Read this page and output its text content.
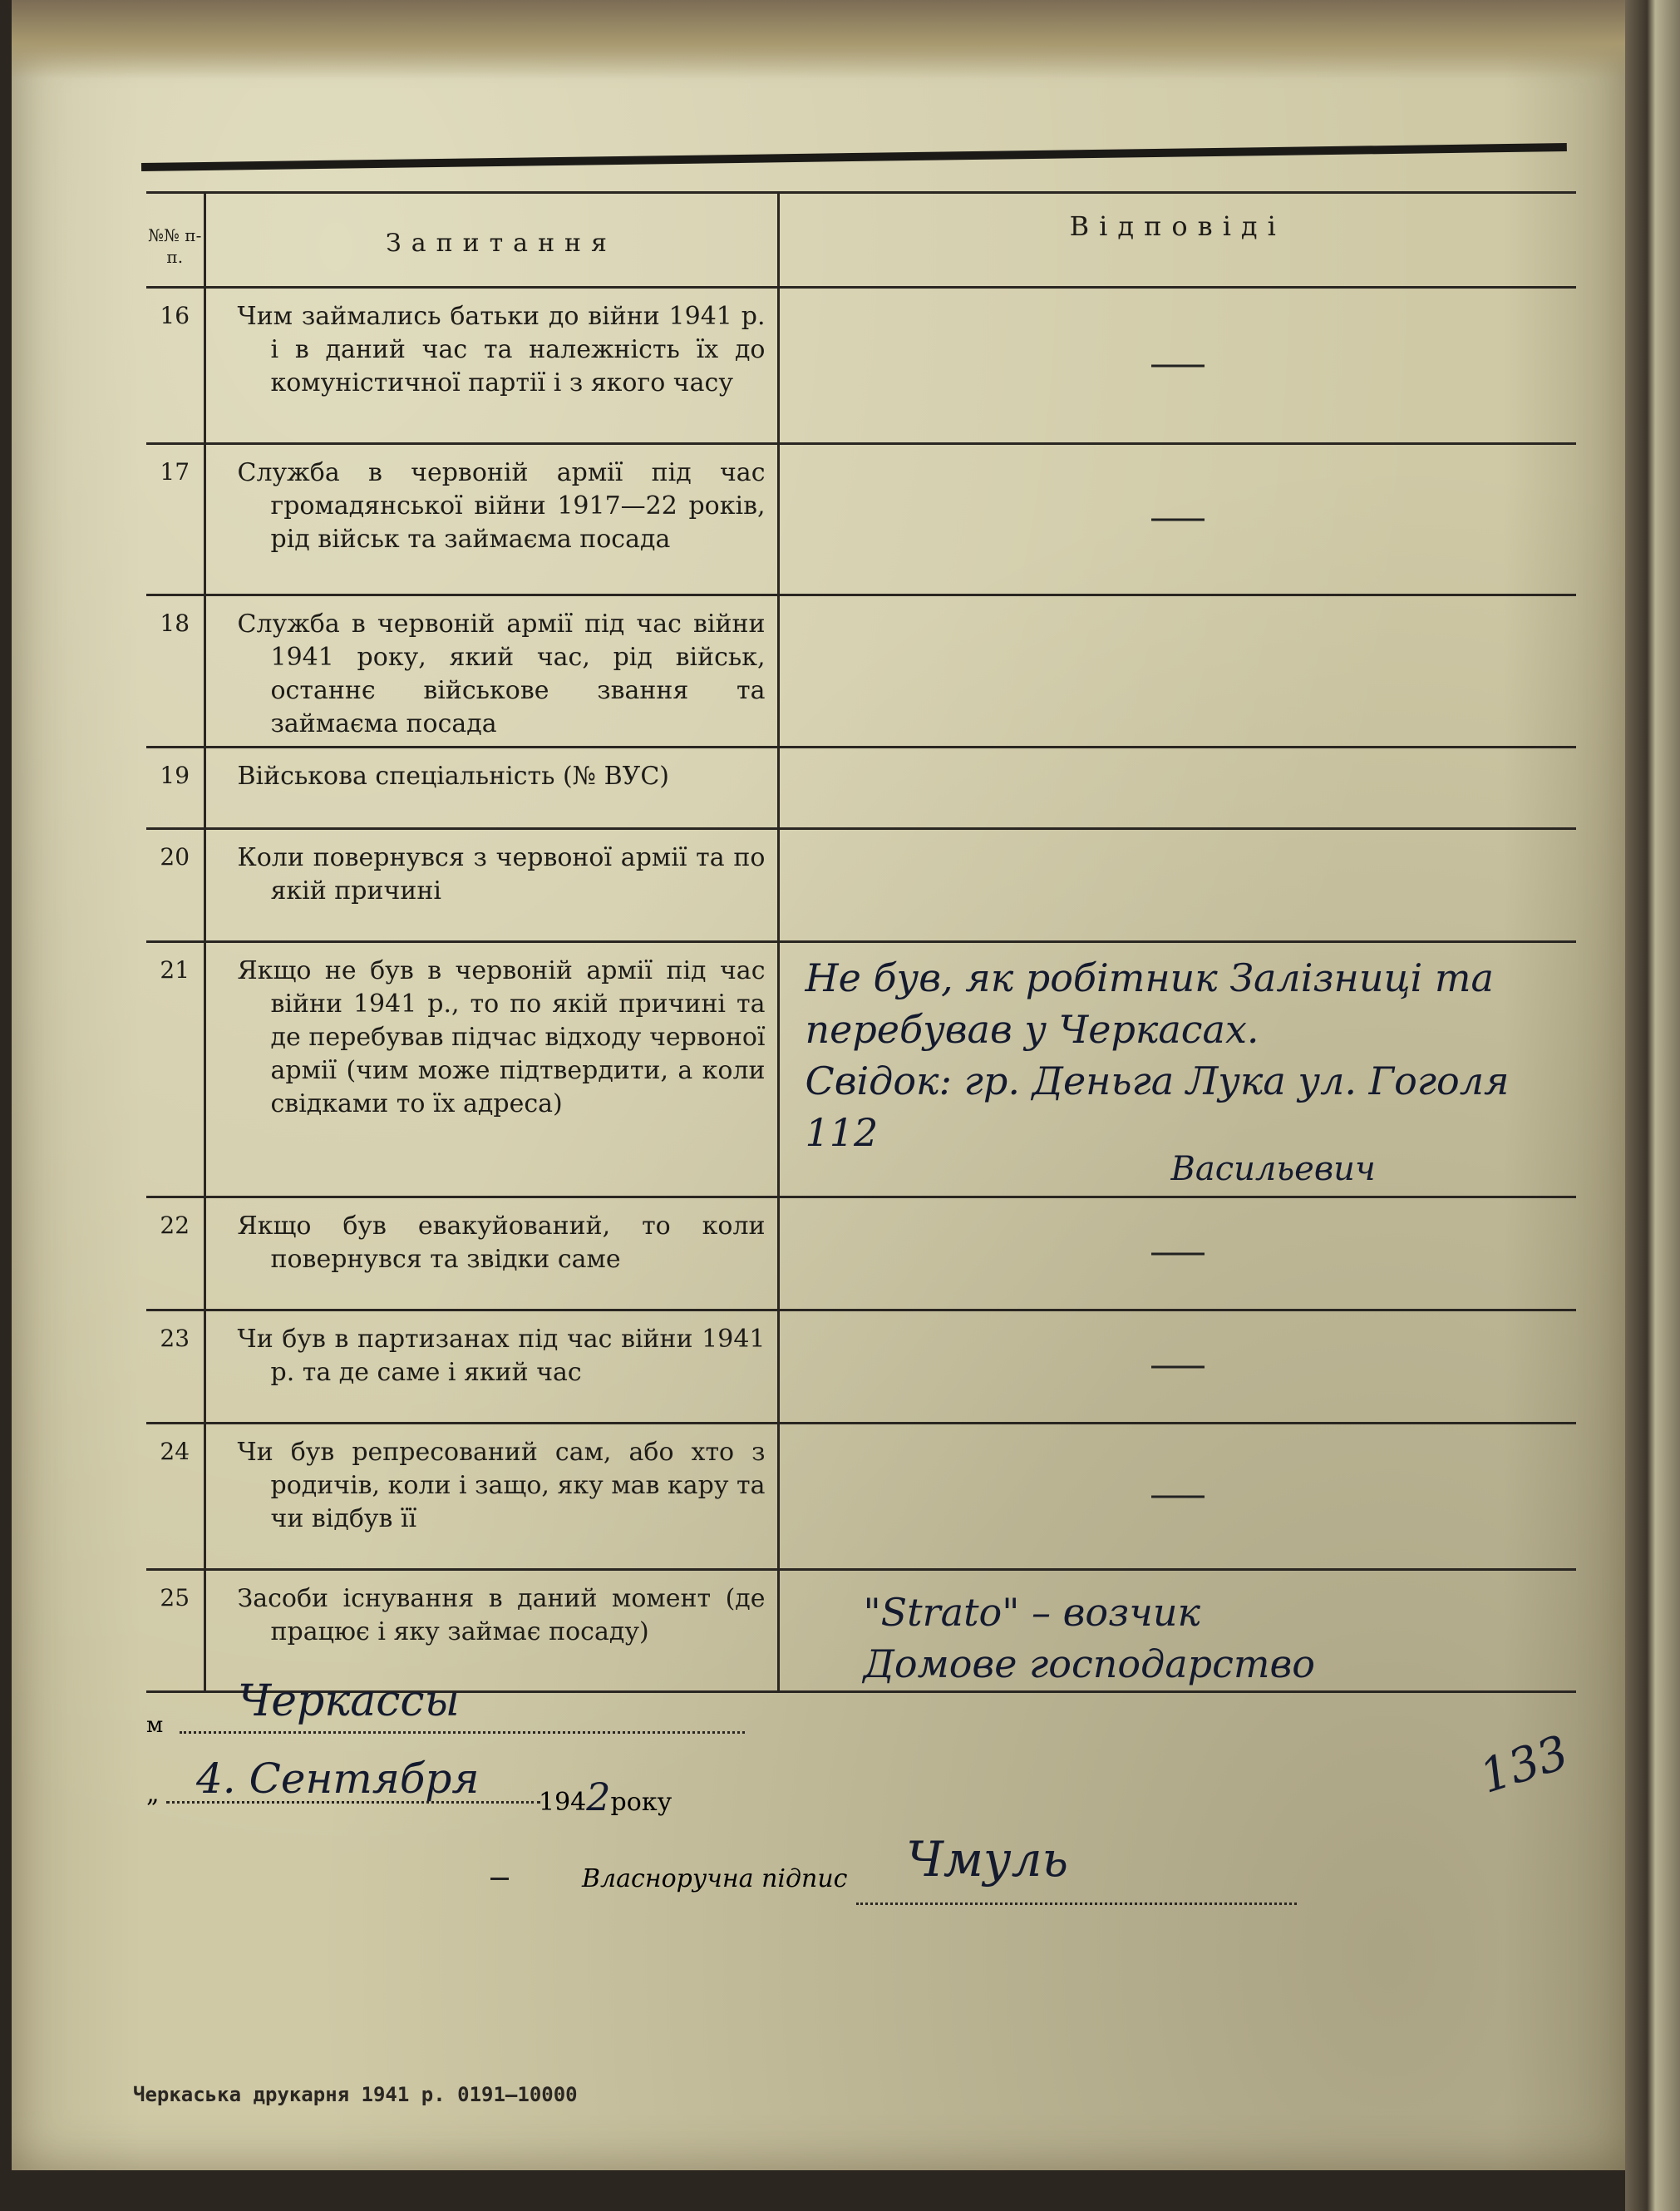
№№ п-п.	Запитання	Відповіді
16	Чим займались батьки до війни 1941 р. і в даний час та належність їх до комуністичної партії і з якого часу	

17	Служба в червоній армії під час громадянської війни 1917—22 років, рід військ та займаєма посада	

18	Служба в червоній армії під час війни 1941 року, який час, рід військ, останнє військове звання та займаєма посада	

19	Військова спеціальність (№ ВУС)	

20	Коли повернувся з червоної армії та по якій причині	

21	Якщо не був в червоній армії під час війни 1941 р., то по якій причині та де перебував підчас відходу червоної армії (чим може підтвердити, а коли свідками то їх адреса)	Не був, як робітник Залізниці та
перебував у Черкасах.
Свідок: гр. Деньга Лука ул. Гоголя 112
Васильевич

22	Якщо був евакуйований, то коли повернувся та звідки саме	

23	Чи був в партизанах під час війни 1941 р. та де саме і який час	

24	Чи був репресований сам, або хто з родичів, коли і защо, яку мав кару та чи відбув її	

25	Засоби існування в даний момент (де працює і яку займає посаду)	"Strato" – возчик
Домове господарство
м Черкассы
„ 4. Сентября 1942року
Власноручна підпис Чмуль
133
Черкаська друкарня 1941 р. 0191—10000
